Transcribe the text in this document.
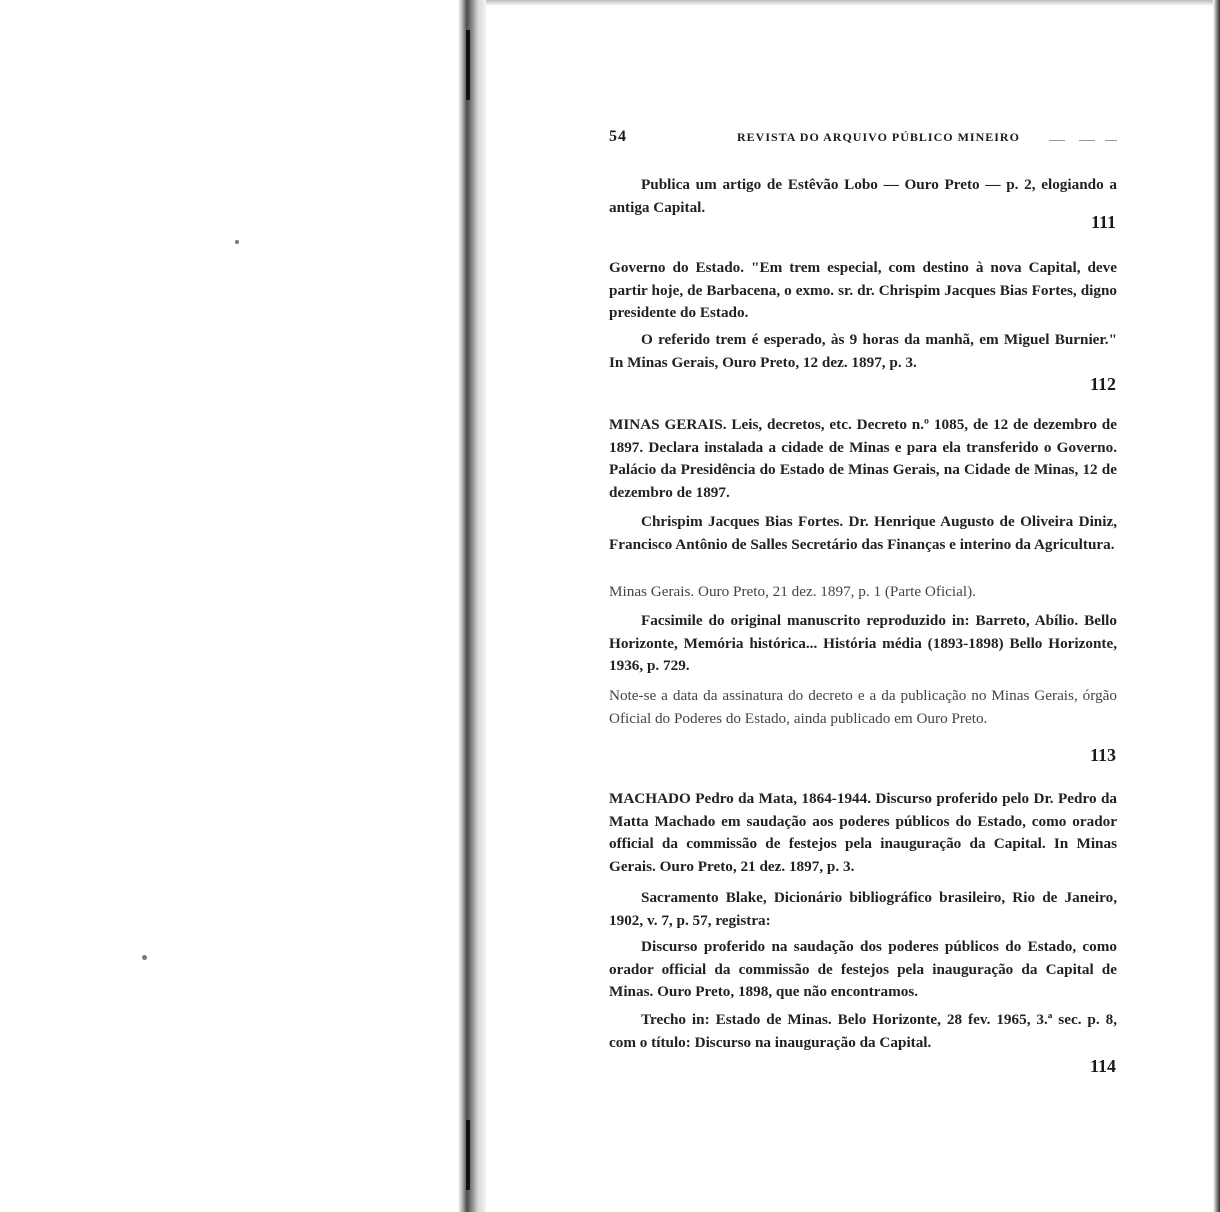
54	REVISTA DO ARQUIVO PÚBLICO MINEIRO
Publica um artigo de Estêvão Lobo — Ouro Preto — p. 2, elogiando a antiga Capital.
111
Governo do Estado. "Em trem especial, com destino à nova Capital, deve partir hoje, de Barbacena, o exmo. sr. dr. Chrispim Jacques Bias Fortes, digno presidente do Estado.
O referido trem é esperado, às 9 horas da manhã, em Miguel Burnier." In Minas Gerais, Ouro Preto, 12 dez. 1897, p. 3.
112
MINAS GERAIS. Leis, decretos, etc. Decreto n.º 1085, de 12 de dezembro de 1897. Declara instalada a cidade de Minas e para ela transferido o Governo. Palácio da Presidência do Estado de Minas Gerais, na Cidade de Minas, 12 de dezembro de 1897.
Chrispim Jacques Bias Fortes. Dr. Henrique Augusto de Oliveira Diniz, Francisco Antônio de Salles Secretário das Finanças e interino da Agricultura.
Minas Gerais. Ouro Preto, 21 dez. 1897, p. 1 (Parte Oficial).
Facsimile do original manuscrito reproduzido in: Barreto, Abílio. Bello Horizonte, Memória histórica... História média (1893-1898) Bello Horizonte, 1936, p. 729.
Note-se a data da assinatura do decreto e a da publicação no Minas Gerais, órgão Oficial do Poderes do Estado, ainda publicado em Ouro Preto.
113
MACHADO Pedro da Mata, 1864-1944. Discurso proferido pelo Dr. Pedro da Matta Machado em saudação aos poderes públicos do Estado, como orador official da commissão de festejos pela inauguração da Capital. In Minas Gerais. Ouro Preto, 21 dez. 1897, p. 3.
Sacramento Blake, Dicionário bibliográfico brasileiro, Rio de Janeiro, 1902, v. 7, p. 57, registra:
Discurso proferido na saudação dos poderes públicos do Estado, como orador official da commissão de festejos pela inauguração da Capital de Minas. Ouro Preto, 1898, que não encontramos.
Trecho in: Estado de Minas. Belo Horizonte, 28 fev. 1965, 3.ª sec. p. 8, com o título: Discurso na inauguração da Capital.
114
